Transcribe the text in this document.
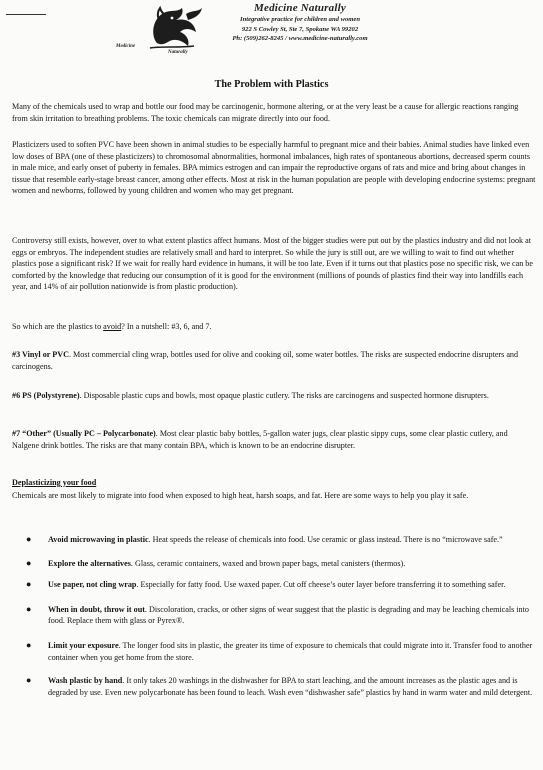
Medicine
Naturally
Medicine Naturally
Integrative practice for children and women
922 S Cowley St, Ste 7, Spokane WA 99202
Ph: (509)262-8245 / www.medicine-naturally.com
The Problem with Plastics

Many of the chemicals used to wrap and bottle our food may be carcinogenic, hormone altering, or at the very least be a cause for allergic reactions ranging from skin irritation to breathing problems. The toxic chemicals can migrate directly into our food.

Plasticizers used to soften PVC have been shown in animal studies to be especially harmful to pregnant mice and their babies. Animal studies have linked even low doses of BPA (one of these plasticizers) to chromosomal abnormalities, hormonal imbalances, high rates of spontaneous abortions, decreased sperm counts in male mice, and early onset of puberty in females. BPA mimics estrogen and can impair the reproductive organs of rats and mice and bring about changes in tissue that resemble early-stage breast cancer, among other effects. Most at risk in the human population are people with developing endocrine systems: pregnant women and newborns, followed by young children and women who may get pregnant.

Controversy still exists, however, over to what extent plastics affect humans. Most of the bigger studies were put out by the plastics industry and did not look at eggs or embryos. The independent studies are relatively small and hard to interpret. So while the jury is still out, are we willing to wait to find out whether plastics pose a significant risk? If we wait for really hard evidence in humans, it will be too late. Even if it turns out that plastics pose no specific risk, we can be comforted by the knowledge that reducing our consumption of it is good for the environment (millions of pounds of plastics find their way into landfills each year, and 14% of air pollution nationwide is from plastic production).

So which are the plastics to avoid? In a nutshell: #3, 6, and 7.

#3 Vinyl or PVC. Most commercial cling wrap, bottles used for olive and cooking oil, some water bottles. The risks are suspected endocrine disrupters and carcinogens.

#6 PS (Polystyrene). Disposable plastic cups and bowls, most opaque plastic cutlery. The risks are carcinogens and suspected hormone disrupters.

#7 “Other” (Usually PC – Polycarbonate). Most clear plastic baby bottles, 5-gallon water jugs, clear plastic sippy cups, some clear plastic cutlery, and Nalgene drink bottles. The risks are that many contain BPA, which is known to be an endocrine disrupter.

Deplasticizing your food

Chemicals are most likely to migrate into food when exposed to high heat, harsh soaps, and fat. Here are some ways to help you play it safe.

● Avoid microwaving in plastic. Heat speeds the release of chemicals into food. Use ceramic or glass instead. There is no “microwave safe.”
● Explore the alternatives. Glass, ceramic containers, waxed and brown paper bags, metal canisters (thermos).
● Use paper, not cling wrap. Especially for fatty food. Use waxed paper. Cut off cheese’s outer layer before transferring it to something safer.
● When in doubt, throw it out. Discoloration, cracks, or other signs of wear suggest that the plastic is degrading and may be leaching chemicals into food. Replace them with glass or Pyrex®.
● Limit your exposure. The longer food sits in plastic, the greater its time of exposure to chemicals that could migrate into it. Transfer food to another container when you get home from the store.
● Wash plastic by hand. It only takes 20 washings in the dishwasher for BPA to start leaching, and the amount increases as the plastic ages and is degraded by use. Even new polycarbonate has been found to leach. Wash even “dishwasher safe” plastics by hand in warm water and mild detergent.
